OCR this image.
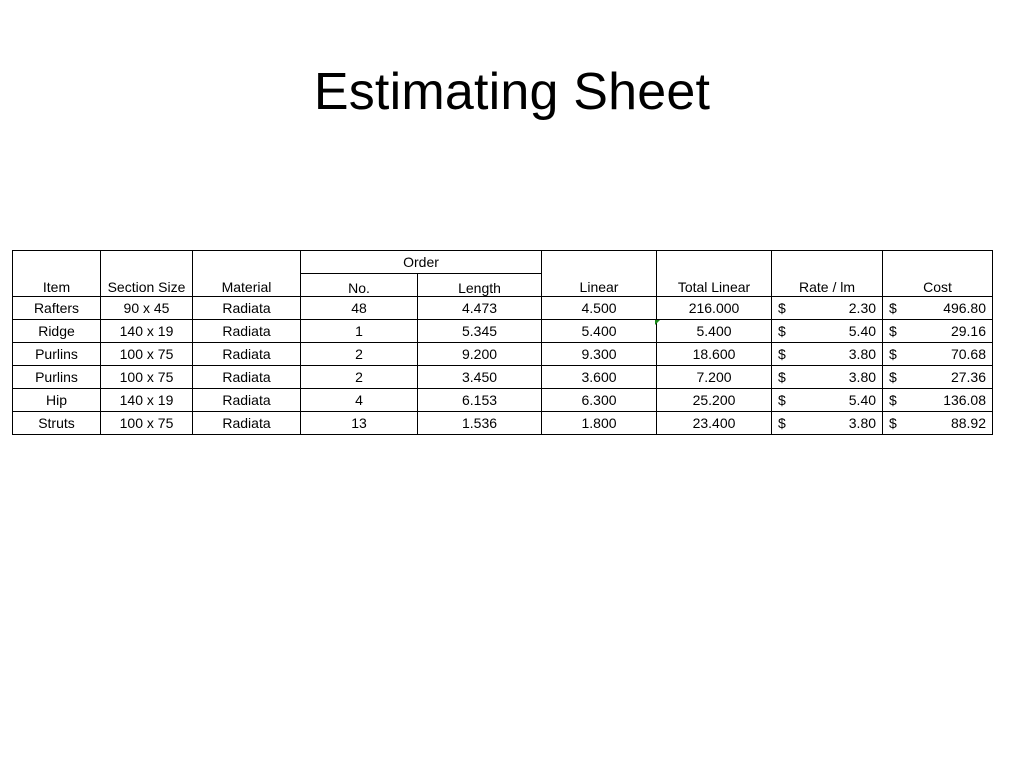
Estimating Sheet
Item	Section Size	Material	Order		Linear	Total Linear	Rate / lm	Cost
			No.	Length				
Rafters	90 x 45	Radiata	48	4.473	4.500	216.000	$ 2.30	$ 496.80

Ridge	140 x 19	Radiata	1	5.345	5.400	5.400	$ 5.40	$ 29.16

Purlins	100 x 75	Radiata	2	9.200	9.300	18.600	$ 3.80	$ 70.68

Purlins	100 x 75	Radiata	2	3.450	3.600	7.200	$ 3.80	$ 27.36

Hip	140 x 19	Radiata	4	6.153	6.300	25.200	$ 5.40	$ 136.08

Struts	100 x 75	Radiata	13	1.536	1.800	23.400	$ 3.80	$ 88.92
